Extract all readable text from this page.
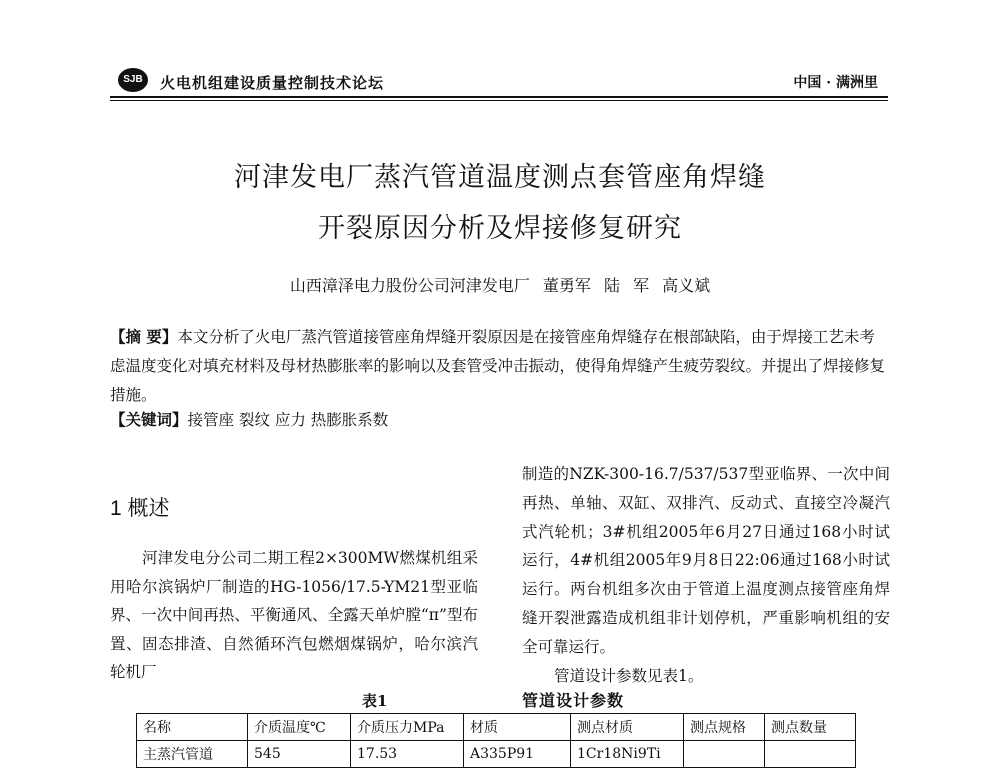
SJB	火电机组建设质量控制技术论坛	中国 · 满洲里
河津发电厂蒸汽管道温度测点套管座角焊缝
开裂原因分析及焊接修复研究
山西漳泽电力股份公司河津发电厂 董勇军 陆 军 高义斌
【摘 要】本文分析了火电厂蒸汽管道接管座角焊缝开裂原因是在接管座角焊缝存在根部缺陷，由于焊接工艺未考虑温度变化对填充材料及母材热膨胀率的影响以及套管受冲击振动，使得角焊缝产生疲劳裂纹。并提出了焊接修复措施。
【关键词】接管座 裂纹 应力 热膨胀系数
1 概述
河津发电分公司二期工程2×300MW燃煤机组采用哈尔滨锅炉厂制造的HG-1056/17.5-YM21型亚临界、一次中间再热、平衡通风、全露天单炉膛“π”型布置、固态排渣、自然循环汽包燃烟煤锅炉，哈尔滨汽轮机厂
制造的NZK-300-16.7/537/537型亚临界、一次中间再热、单轴、双缸、双排汽、反动式、直接空冷凝汽式汽轮机；3#机组2005年6月27日通过168小时试运行，4#机组2005年9月8日22:06通过168小时试运行。两台机组多次由于管道上温度测点接管座角焊缝开裂泄露造成机组非计划停机，严重影响机组的安全可靠运行。
管道设计参数见表1。
表1	管道设计参数
名称	介质温度℃	介质压力MPa	材质	测点材质	测点规格	测点数量
主蒸汽管道	545	17.53	A335P91	1Cr18Ni9Ti		
